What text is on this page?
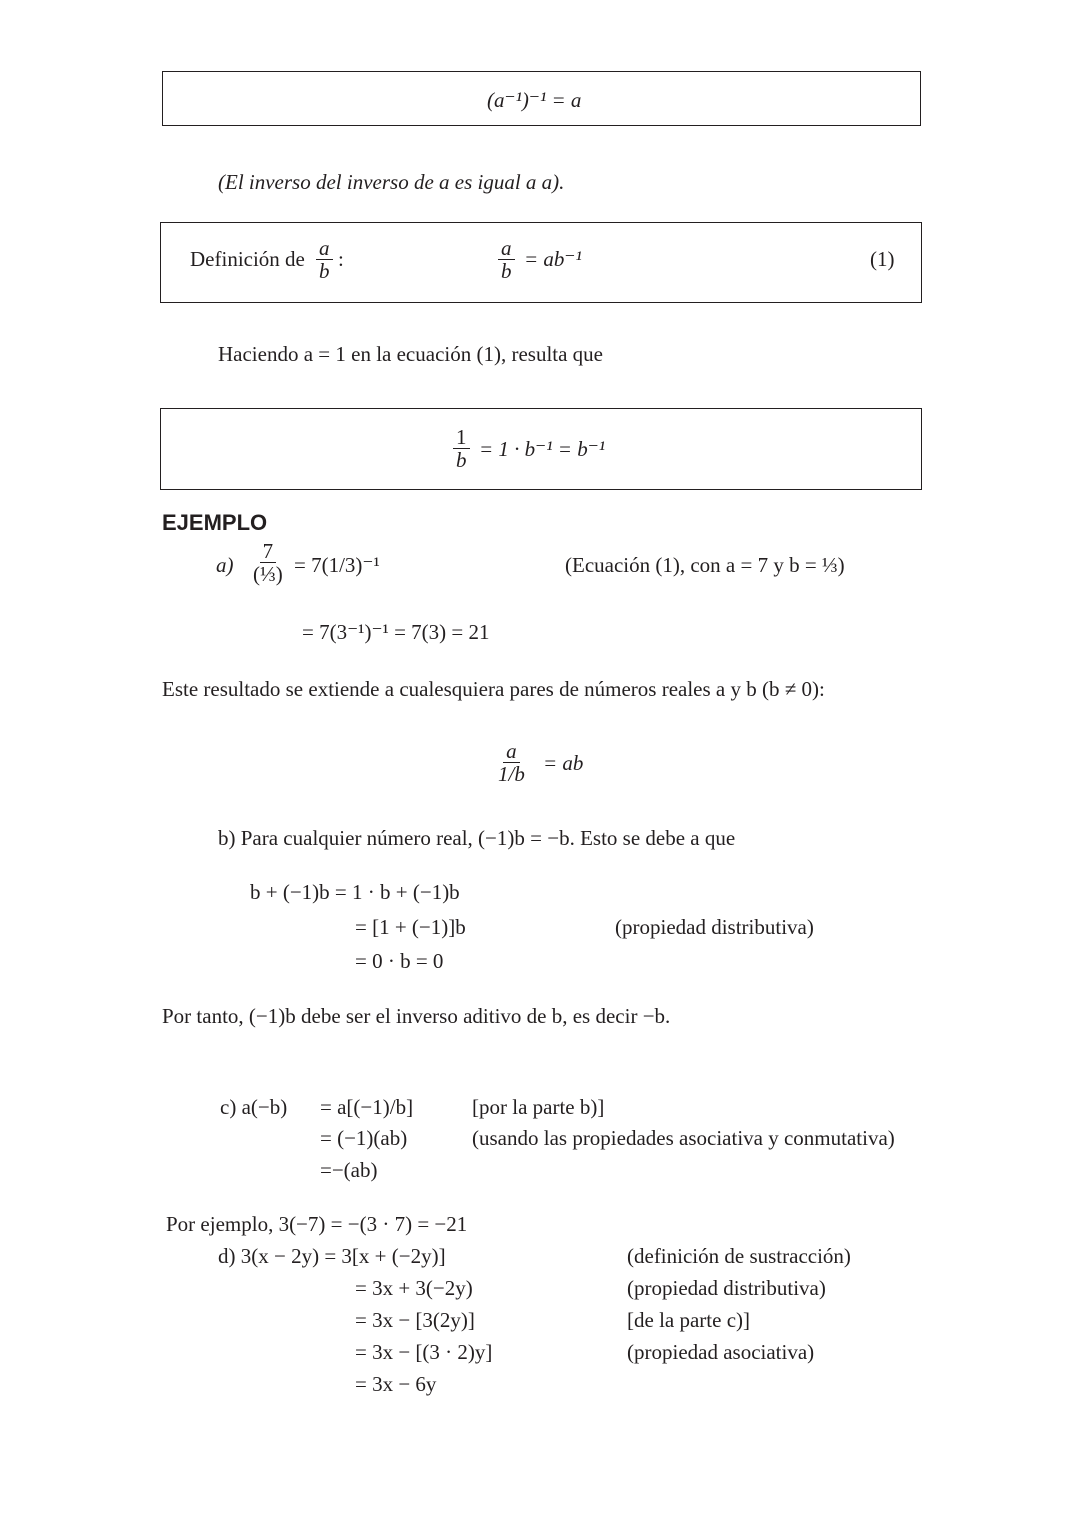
(a⁻¹)⁻¹ = a
(El inverso del inverso de a es igual a a).
Definición de $\frac{a}{b}$ :	$\frac{a}{b} = ab^{-1}$	(1)
Haciendo a = 1 en la ecuación (1), resulta que
$\frac{1}{b} = 1 \cdot b^{-1} = b^{-1}$
EJEMPLO
a)
7
(⅓) = 7(1/3)⁻¹	(Ecuación (1), con a = 7 y b = ⅓)
= 7(3⁻¹)⁻¹ = 7(3) = 21
Este resultado se extiende a cualesquiera pares de números reales a y b (b ≠ 0):
$\frac{a}{1/b}$ = ab
b) Para cualquier número real, (−1)b = −b. Esto se debe a que
b + (−1)b = 1 · b + (−1)b
= [1 + (−1)]b	(propiedad distributiva)
= 0 · b = 0
Por tanto, (−1)b debe ser el inverso aditivo de b, es decir −b.
c) a(−b) = a[(−1)/b]	[por la parte b)]
= (−1)(ab)	(usando las propiedades asociativa y conmutativa)
=−(ab)
Por ejemplo, 3(−7) = −(3 · 7) = −21
d) 3(x − 2y) = 3[x + (−2y)]	(definición de sustracción)
= 3x + 3(−2y)	(propiedad distributiva)
= 3x − [3(2y)]	[de la parte c)]
= 3x − [(3 · 2)y]	(propiedad asociativa)
= 3x − 6y
